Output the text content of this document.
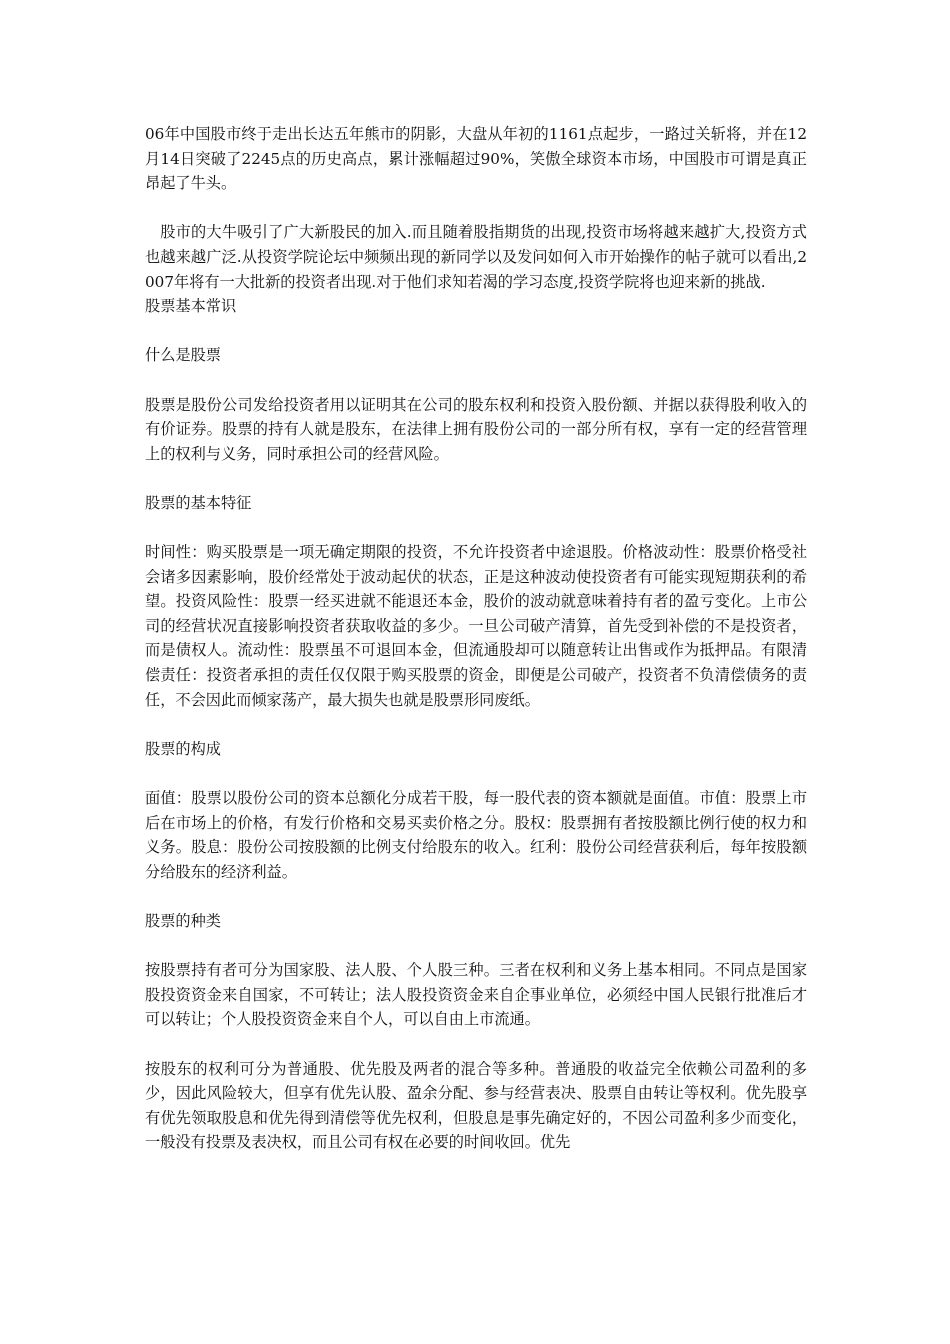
06年中国股市终于走出长达五年熊市的阴影，大盘从年初的1161点起步，一路过关斩将，并在12月14日突破了2245点的历史高点，累计涨幅超过90%，笑傲全球资本市场，中国股市可谓是真正昂起了牛头。

股市的大牛吸引了广大新股民的加入.而且随着股指期货的出现,投资市场将越来越扩大,投资方式也越来越广泛.从投资学院论坛中频频出现的新同学以及发问如何入市开始操作的帖子就可以看出,2007年将有一大批新的投资者出现.对于他们求知若渴的学习态度,投资学院将也迎来新的挑战.

股票基本常识

什么是股票

股票是股份公司发给投资者用以证明其在公司的股东权利和投资入股份额、并据以获得股利收入的有价证券。股票的持有人就是股东，在法律上拥有股份公司的一部分所有权，享有一定的经营管理上的权利与义务，同时承担公司的经营风险。

股票的基本特征

时间性：购买股票是一项无确定期限的投资，不允许投资者中途退股。价格波动性：股票价格受社会诸多因素影响，股价经常处于波动起伏的状态，正是这种波动使投资者有可能实现短期获利的希望。投资风险性：股票一经买进就不能退还本金，股价的波动就意味着持有者的盈亏变化。上市公司的经营状况直接影响投资者获取收益的多少。一旦公司破产清算，首先受到补偿的不是投资者，而是债权人。流动性：股票虽不可退回本金，但流通股却可以随意转让出售或作为抵押品。有限清偿责任：投资者承担的责任仅仅限于购买股票的资金，即便是公司破产，投资者不负清偿债务的责任，不会因此而倾家荡产，最大损失也就是股票形同废纸。

股票的构成

面值：股票以股份公司的资本总额化分成若干股，每一股代表的资本额就是面值。市值：股票上市后在市场上的价格，有发行价格和交易买卖价格之分。股权：股票拥有者按股额比例行使的权力和义务。股息：股份公司按股额的比例支付给股东的收入。红利：股份公司经营获利后，每年按股额分给股东的经济利益。

股票的种类

按股票持有者可分为国家股、法人股、个人股三种。三者在权利和义务上基本相同。不同点是国家股投资资金来自国家，不可转让；法人股投资资金来自企事业单位，必须经中国人民银行批准后才可以转让；个人股投资资金来自个人，可以自由上市流通。

按股东的权利可分为普通股、优先股及两者的混合等多种。普通股的收益完全依赖公司盈利的多少，因此风险较大，但享有优先认股、盈余分配、参与经营表决、股票自由转让等权利。优先股享有优先领取股息和优先得到清偿等优先权利，但股息是事先确定好的，不因公司盈利多少而变化，一般没有投票及表决权，而且公司有权在必要的时间收回。优先
